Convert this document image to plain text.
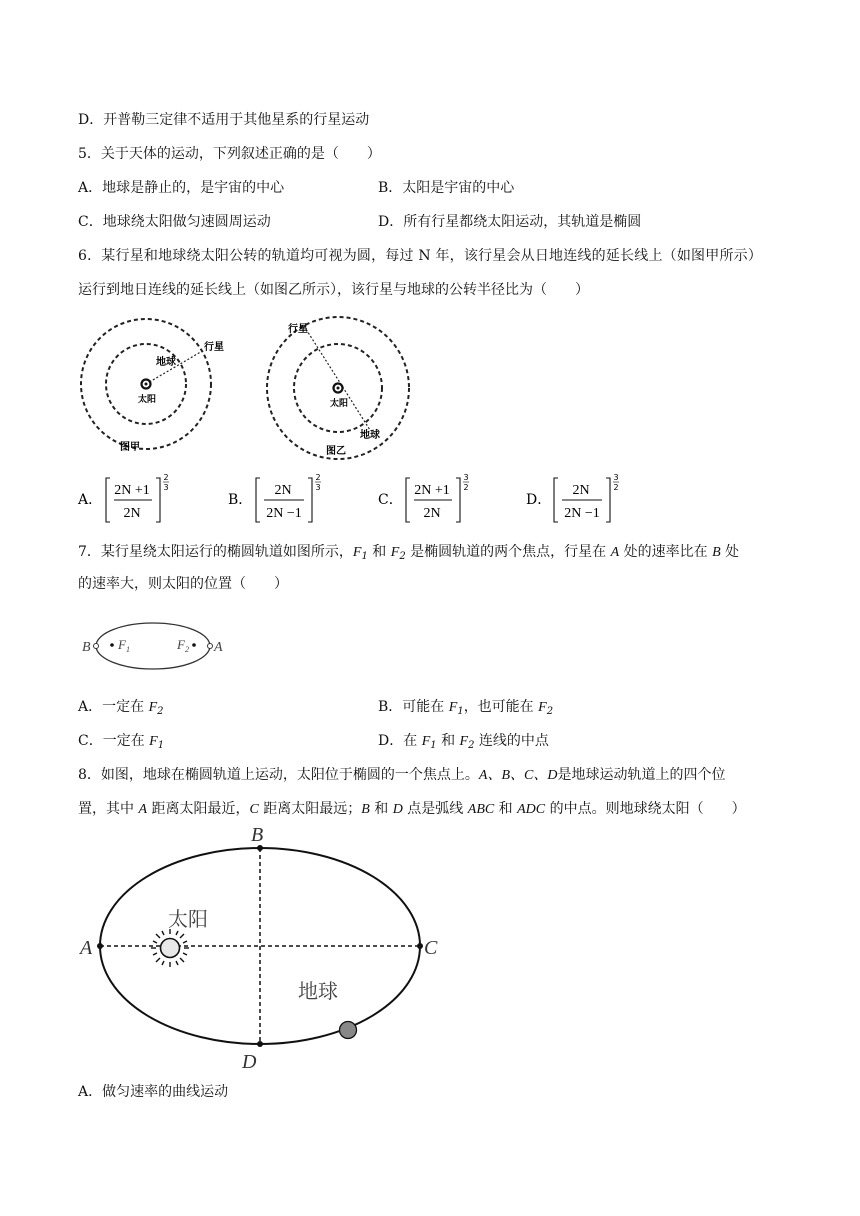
D．开普勒三定律不适用于其他星系的行星运动
5．关于天体的运动，下列叙述正确的是（　　）
A．地球是静止的，是宇宙的中心	B．太阳是宇宙的中心
C．地球绕太阳做匀速圆周运动	D．所有行星都绕太阳运动，其轨道是椭圆
6．某行星和地球绕太阳公转的轨道均可视为圆，每过 N 年，该行星会从日地连线的延长线上（如图甲所示）
运行到地日连线的延长线上（如图乙所示），该行星与地球的公转半径比为（　　）
地球
行星
太阳
图甲
行星
太阳
地球
图乙
A．
2N +1
2N
2
3
B．
2N
2N −1
2
3
C．
2N +1
2N
3
2
D．
2N
2N −1
3
2
7．某行星绕太阳运行的椭圆轨道如图所示，$F_1$ 和 $F_2$ 是椭圆轨道的两个焦点，行星在 A 处的速率比在 B 处
的速率大，则太阳的位置（　　）
B	A
$F_1$	$F_2$
A．一定在 $F_2$	B．可能在 $F_1$，也可能在 $F_2$
C．一定在 $F_1$	D．在 $F_1$ 和 $F_2$ 连线的中点
8．如图，地球在椭圆轨道上运动，太阳位于椭圆的一个焦点上。A、B、C、D是地球运动轨道上的四个位
置，其中 A 距离太阳最近，C 距离太阳最远；B 和 D 点是弧线 ABC 和 ADC 的中点。则地球绕太阳（　　）
A
B
C
D
太阳
地球
A．做匀速率的曲线运动
